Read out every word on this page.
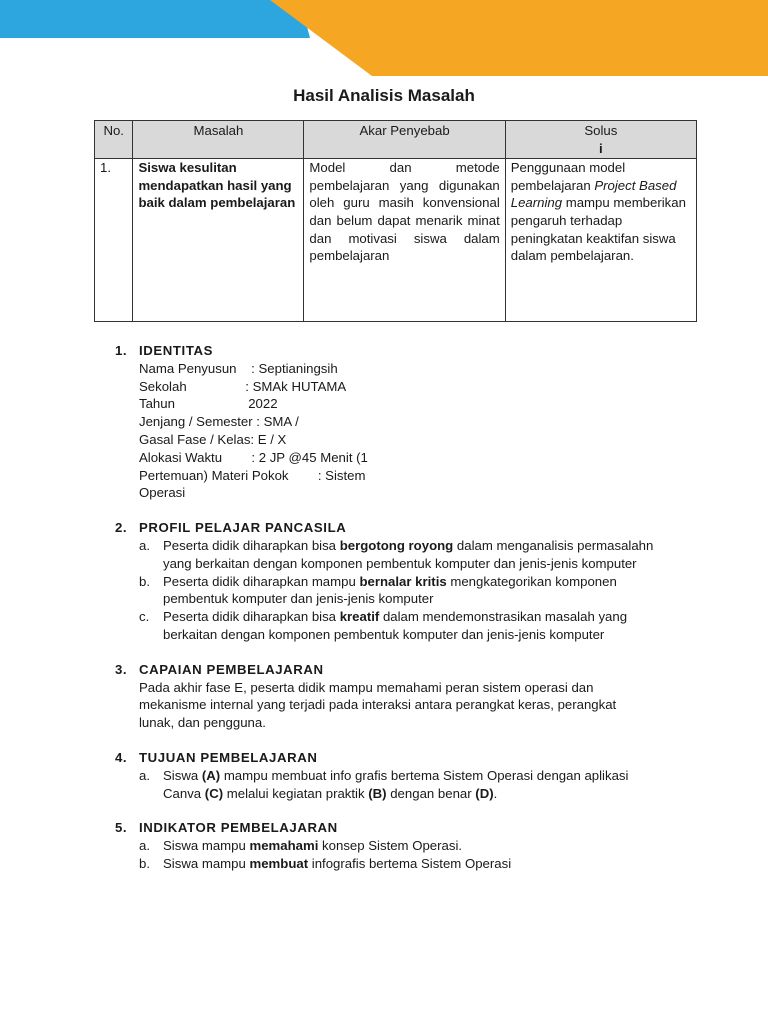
Hasil Analisis Masalah
No.	Masalah	Akar Penyebab	Solus
i
1.	Siswa kesulitan mendapatkan hasil yang baik dalam pembelajaran	Model dan metode pembelajaran yang digunakan oleh guru masih konvensional dan belum dapat menarik minat dan motivasi siswa dalam pembelajaran	Penggunaan model pembelajaran Project Based Learning mampu memberikan pengaruh terhadap peningkatan keaktifan siswa dalam pembelajaran.
1. IDENTITAS
Nama Penyusun    : Septianingsih
Sekolah                : SMAk HUTAMA
Tahun                    2022
Jenjang / Semester : SMA /
Gasal Fase / Kelas: E / X
Alokasi Waktu        : 2 JP @45 Menit (1
Pertemuan) Materi Pokok        : Sistem
Operasi
2. PROFIL PELAJAR PANCASILA
a. Peserta didik diharapkan bisa bergotong royong dalam menganalisis permasalahn yang berkaitan dengan komponen pembentuk komputer dan jenis-jenis komputer
b. Peserta didik diharapkan mampu bernalar kritis mengkategorikan komponen pembentuk komputer dan jenis-jenis komputer
c.	Peserta didik diharapkan bisa kreatif dalam mendemonstrasikan masalah yang berkaitan dengan komponen pembentuk komputer dan jenis-jenis komputer
3. CAPAIAN PEMBELAJARAN
Pada akhir fase E, peserta didik mampu memahami peran sistem operasi dan mekanisme internal yang terjadi pada interaksi antara perangkat keras, perangkat lunak, dan pengguna.
4. TUJUAN PEMBELAJARAN
a. Siswa (A) mampu membuat info grafis bertema Sistem Operasi dengan aplikasi Canva (C) melalui kegiatan praktik (B) dengan benar (D).
5. INDIKATOR PEMBELAJARAN
a. Siswa mampu memahami konsep Sistem Operasi.
b. Siswa mampu membuat infografis bertema Sistem Operasi
